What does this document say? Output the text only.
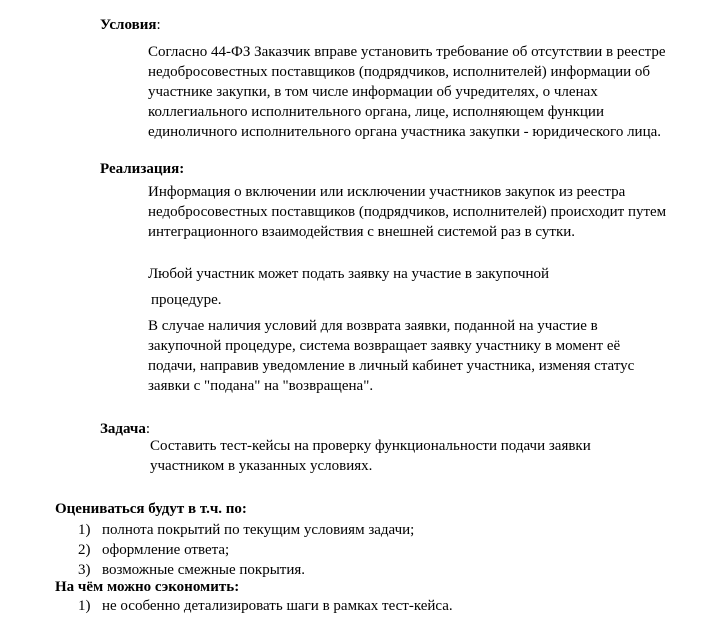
Условия:

Согласно 44-ФЗ Заказчик вправе установить требование об отсутствии в реестре недобросовестных поставщиков (подрядчиков, исполнителей) информации об участнике закупки, в том числе информации об учредителях, о членах коллегиального исполнительного органа, лице, исполняющем функции единоличного исполнительного органа участника закупки - юридического лица.

Реализация:

Информация о включении или исключении участников закупок из реестра недобросовестных поставщиков (подрядчиков, исполнителей) происходит путем интеграционного взаимодействия с внешней системой раз в сутки.

Любой участник может подать заявку на участие в закупочной

процедуре.

В случае наличия условий для возврата заявки, поданной на участие в закупочной процедуре, система возвращает заявку участнику в момент её подачи, направив уведомление в личный кабинет участника, изменяя статус заявки с "подана" на "возвращена".

Задача:

Составить тест-кейсы на проверку функциональности подачи заявки участником в указанных условиях.

Оцениваться будут в т.ч. по:
1) полнота покрытий по текущим условиям задачи;
2) оформление ответа;
3) возможные смежные покрытия.
На чём можно сэкономить:
1) не особенно детализировать шаги в рамках тест-кейса.
